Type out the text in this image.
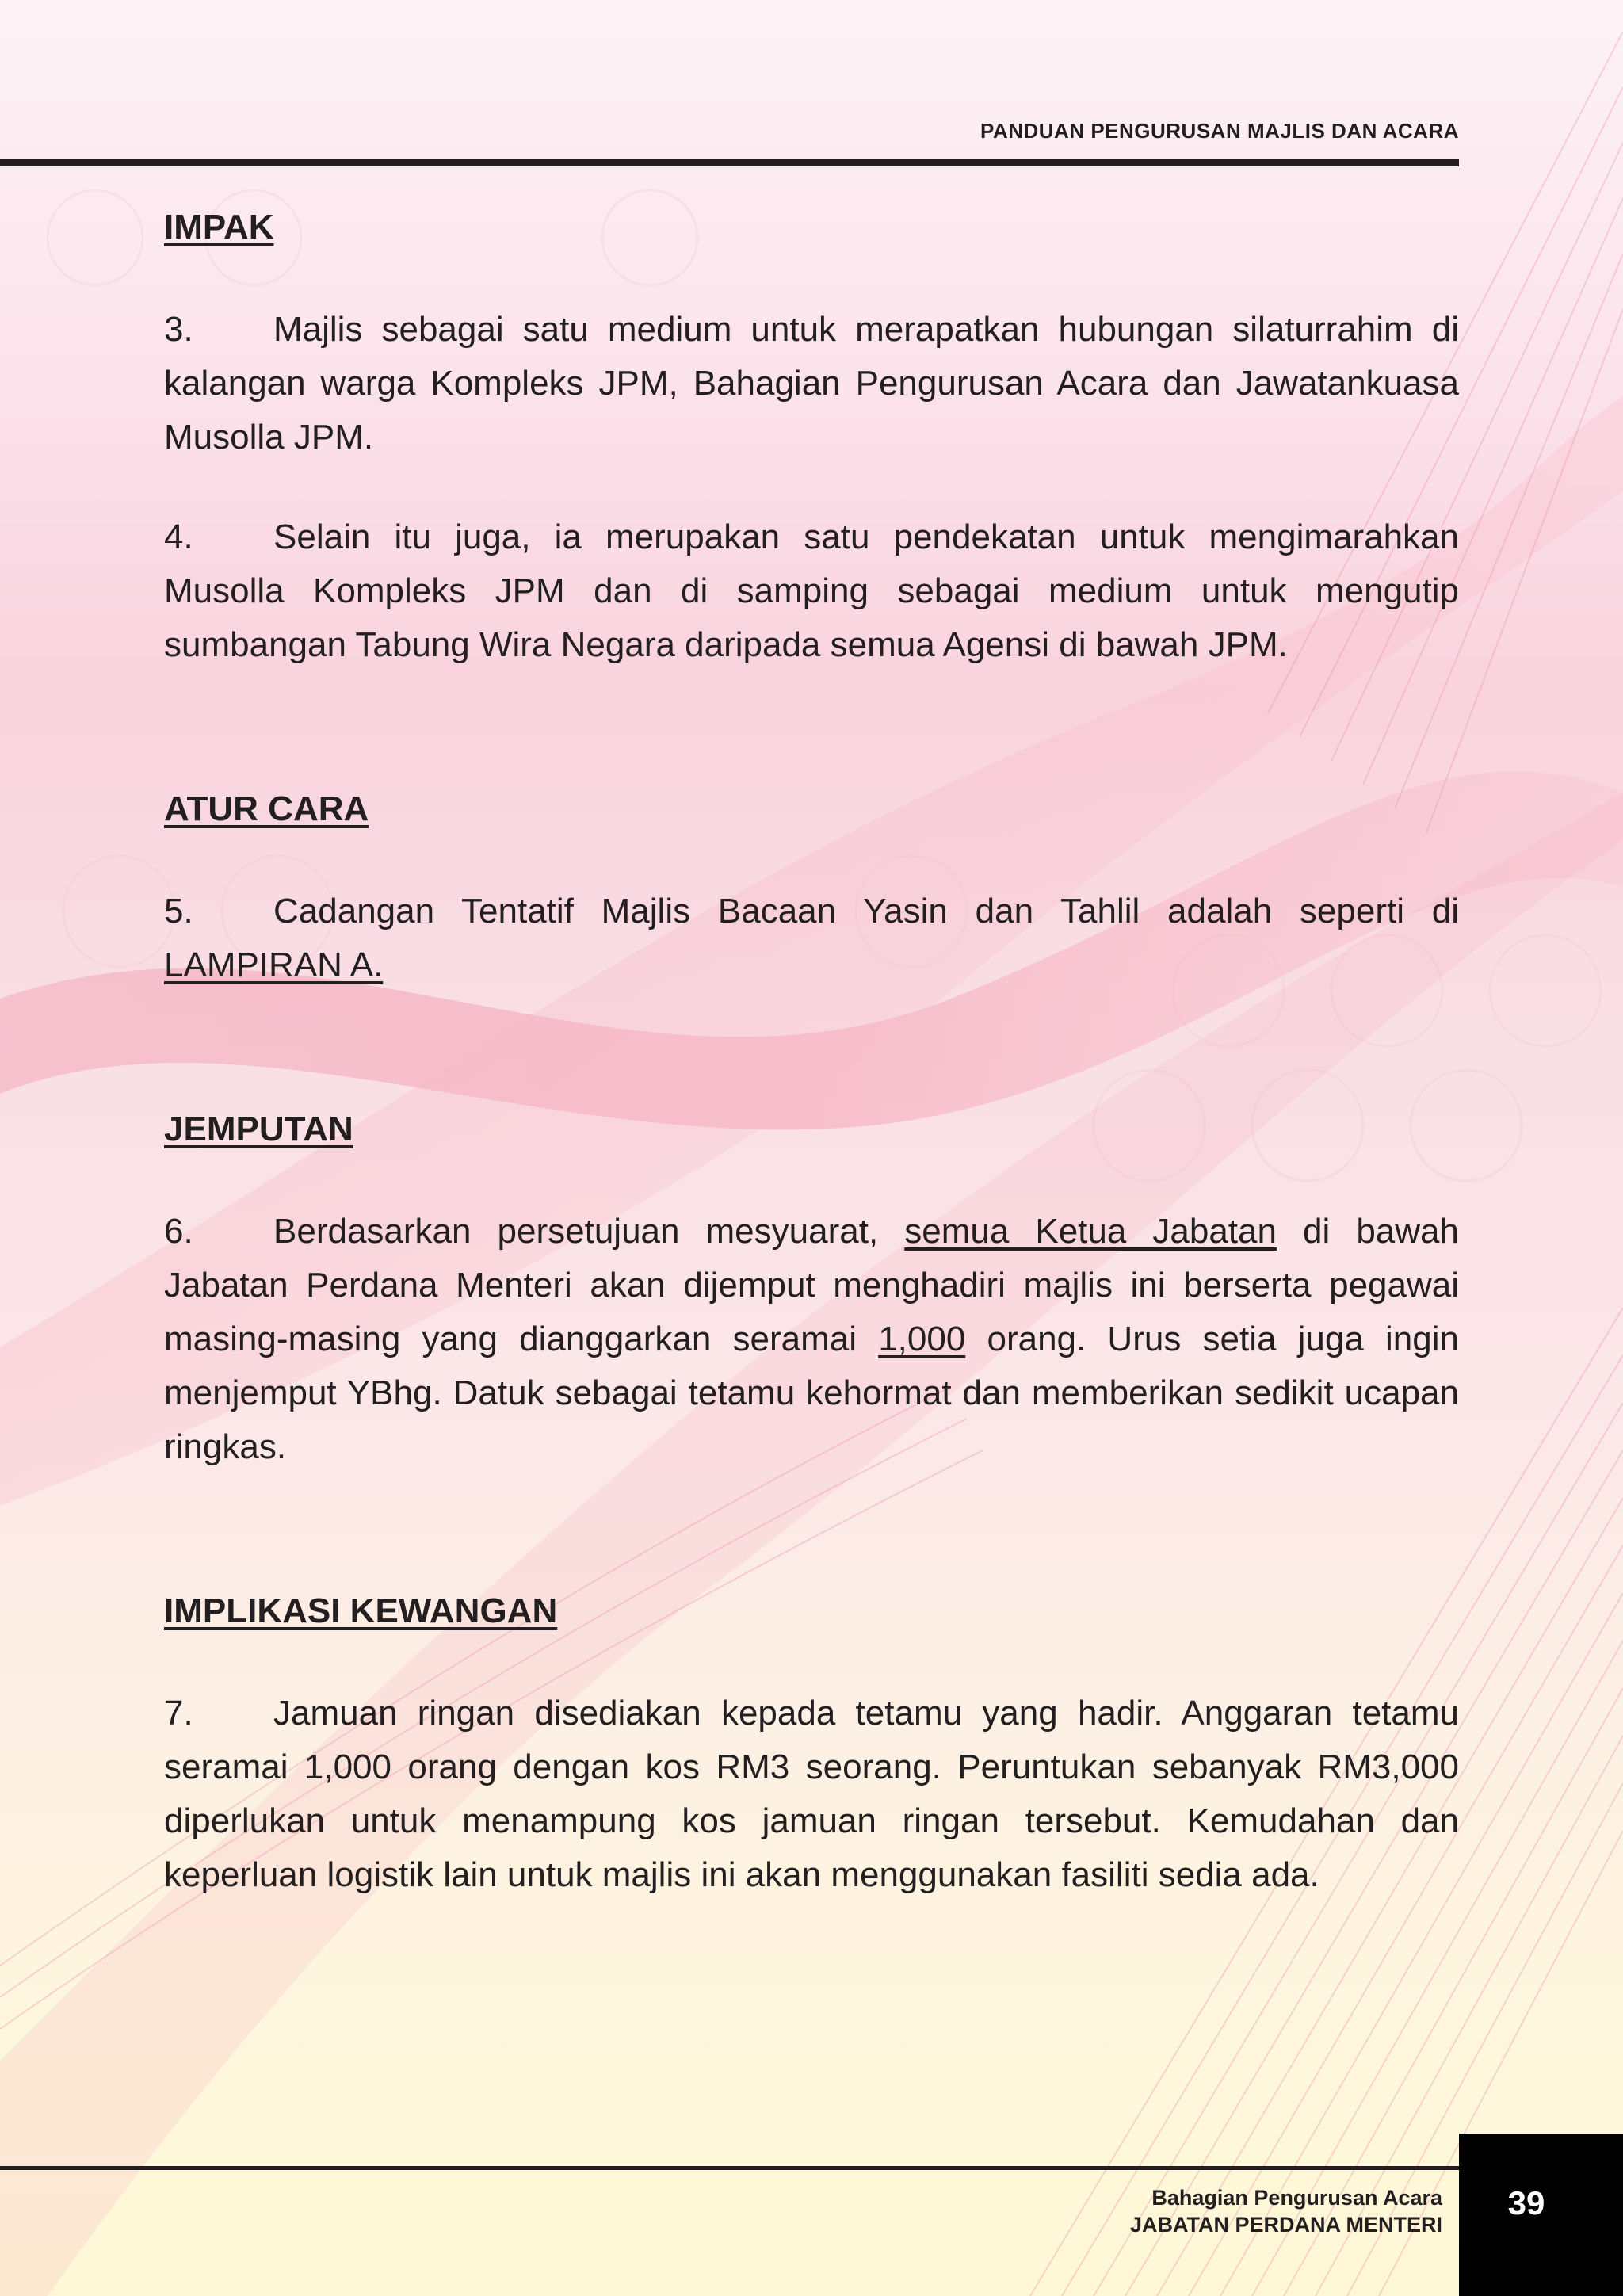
PANDUAN PENGURUSAN MAJLIS DAN ACARA

IMPAK

3. Majlis sebagai satu medium untuk merapatkan hubungan silaturrahim di kalangan warga Kompleks JPM, Bahagian Pengurusan Acara dan Jawatankuasa Musolla JPM.

4. Selain itu juga, ia merupakan satu pendekatan untuk mengimarahkan Musolla Kompleks JPM dan di samping sebagai medium untuk mengutip sumbangan Tabung Wira Negara daripada semua Agensi di bawah JPM.

ATUR CARA

5. Cadangan Tentatif Majlis Bacaan Yasin dan Tahlil adalah seperti di LAMPIRAN A.

JEMPUTAN

6. Berdasarkan persetujuan mesyuarat, semua Ketua Jabatan di bawah Jabatan Perdana Menteri akan dijemput menghadiri majlis ini berserta pegawai masing-masing yang dianggarkan seramai 1,000 orang. Urus setia juga ingin menjemput YBhg. Datuk sebagai tetamu kehormat dan memberikan sedikit ucapan ringkas.

IMPLIKASI KEWANGAN

7. Jamuan ringan disediakan kepada tetamu yang hadir. Anggaran tetamu seramai 1,000 orang dengan kos RM3 seorang. Peruntukan sebanyak RM3,000 diperlukan untuk menampung kos jamuan ringan tersebut. Kemudahan dan keperluan logistik lain untuk majlis ini akan menggunakan fasiliti sedia ada.

Bahagian Pengurusan Acara
JABATAN PERDANA MENTERI
39
